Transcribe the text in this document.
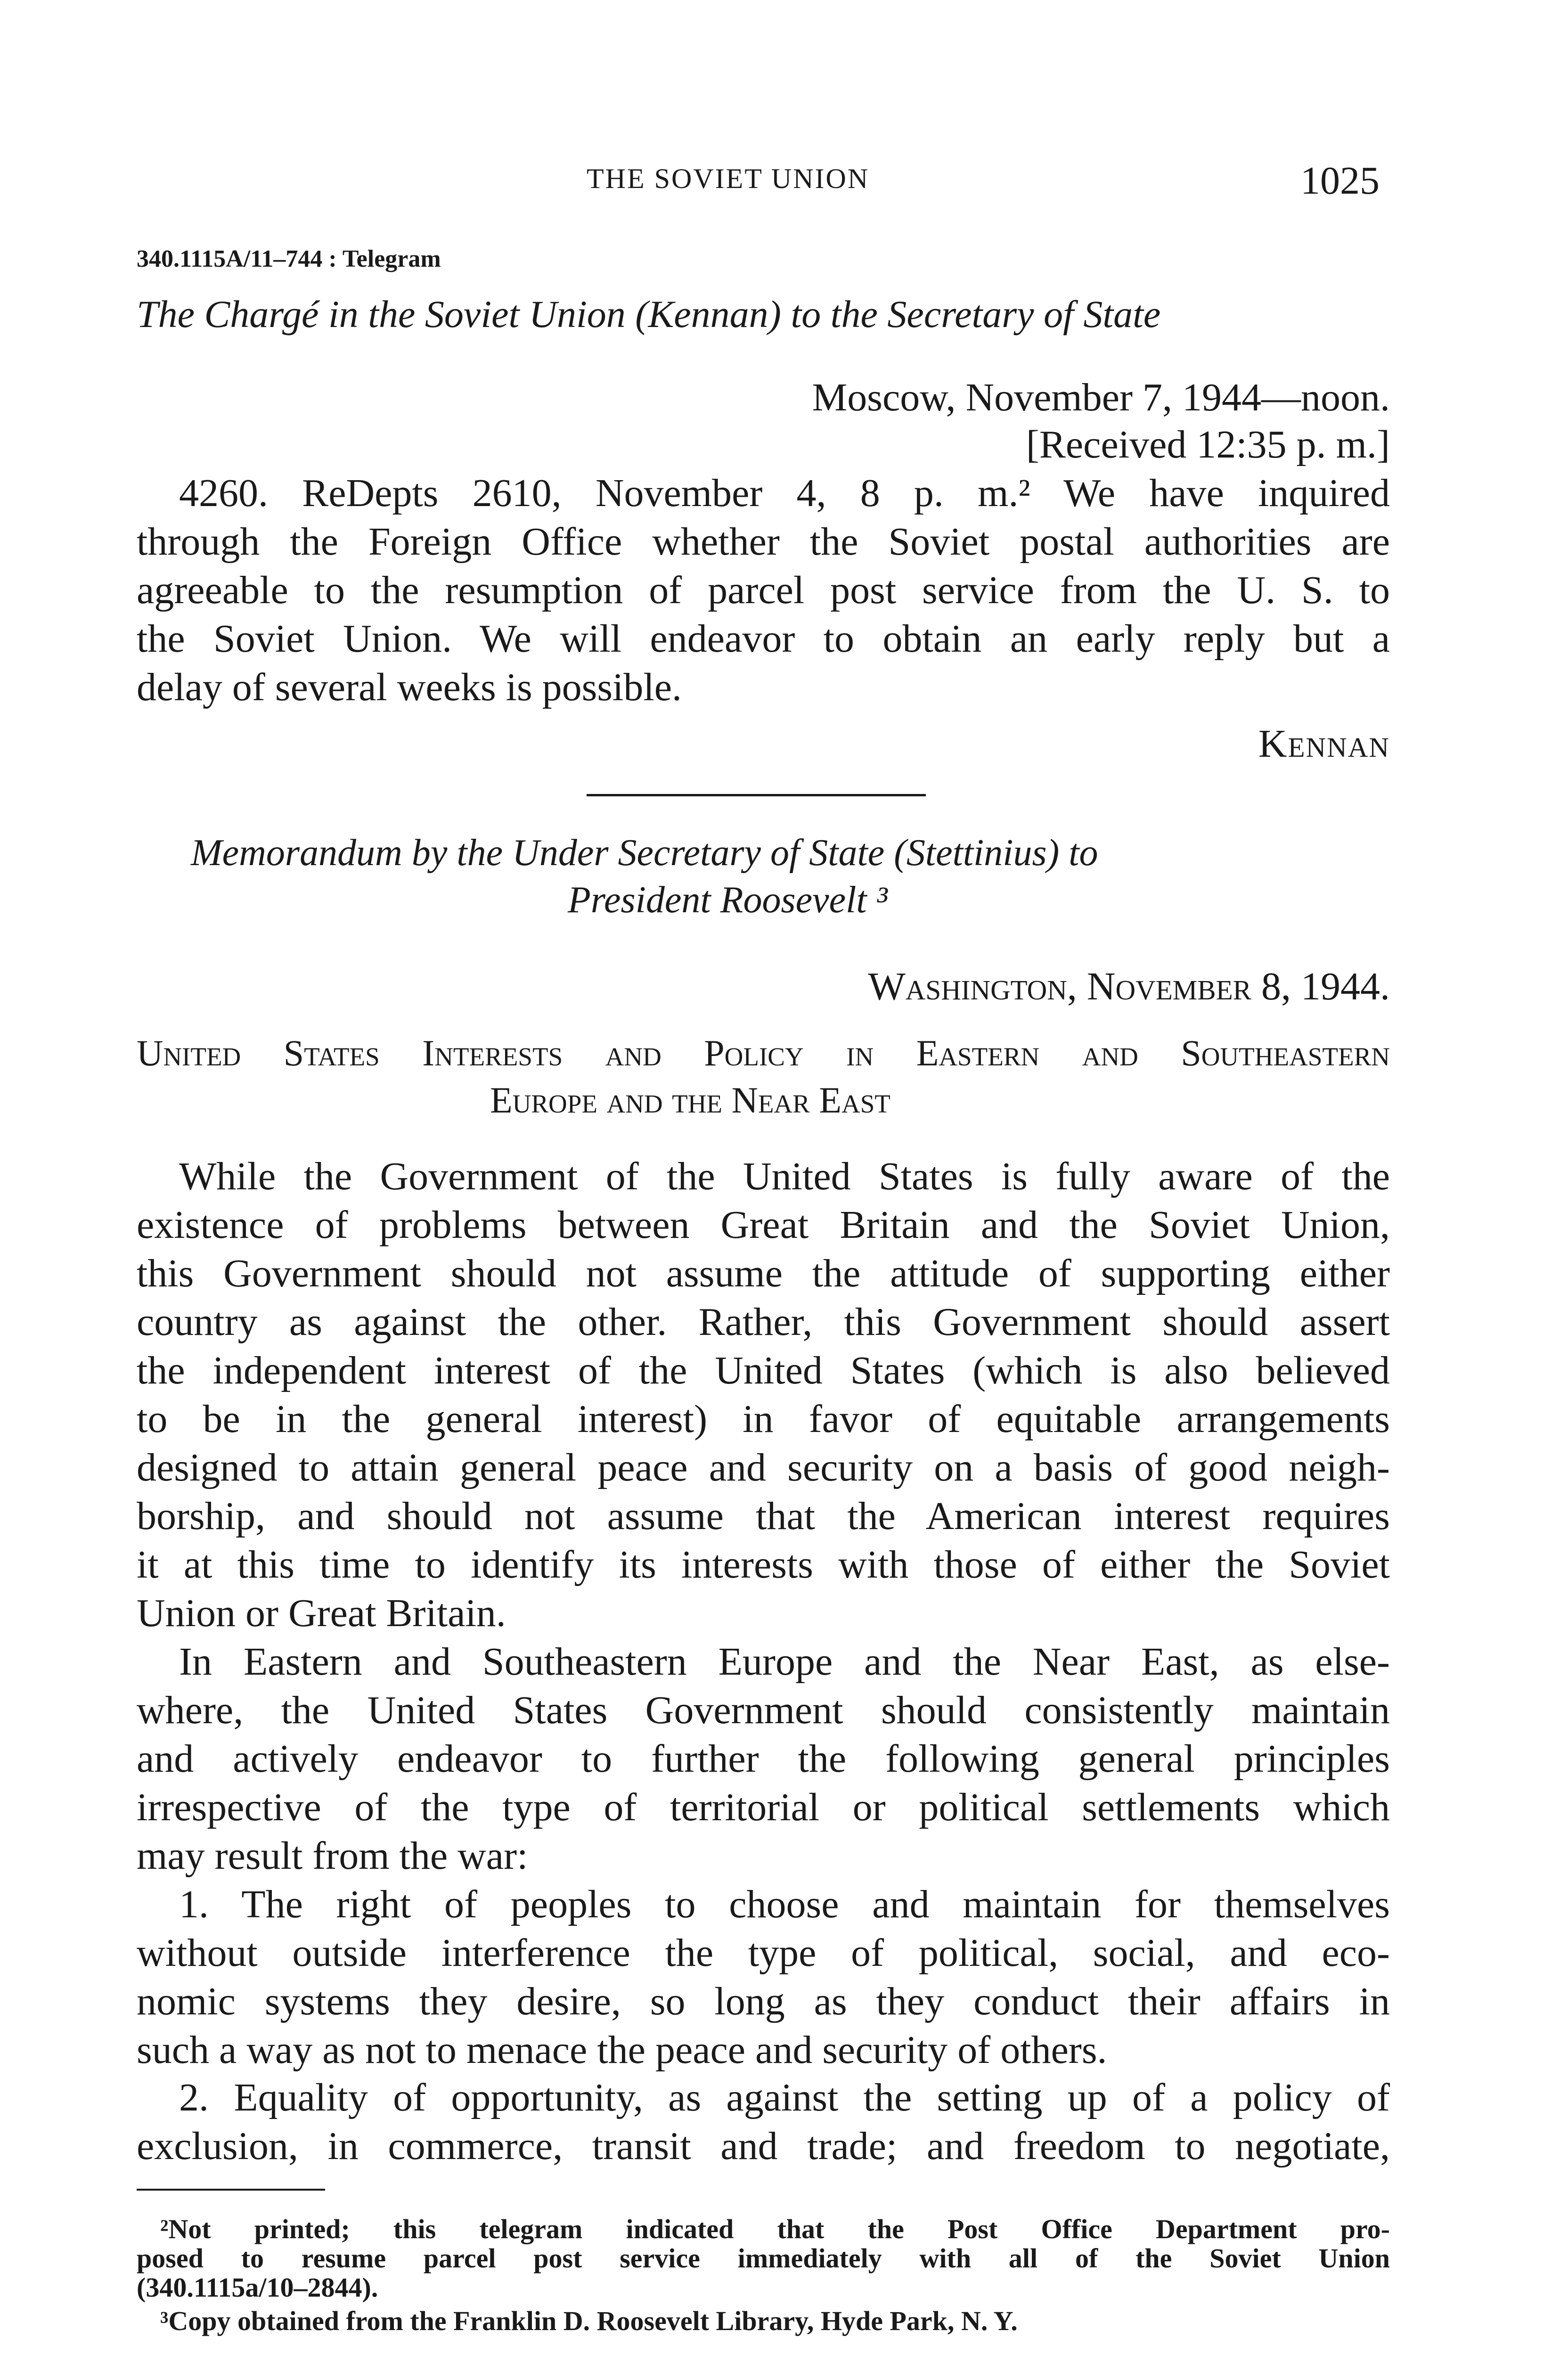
THE SOVIET UNION	1025
340.1115A/11–744 : Telegram
The Chargé in the Soviet Union (Kennan) to the Secretary of State
Moscow, November 7, 1944—noon.
[Received 12:35 p. m.]
4260. ReDepts 2610, November 4, 8 p. m.² We have inquired
through the Foreign Office whether the Soviet postal authorities are
agreeable to the resumption of parcel post service from the U. S. to
the Soviet Union. We will endeavor to obtain an early reply but a
delay of several weeks is possible.
Kennan
Memorandum by the Under Secretary of State (Stettinius) to
President Roosevelt ³
Washington, November 8, 1944.
United States Interests and Policy in Eastern and Southeastern
Europe and the Near East
While the Government of the United States is fully aware of the
existence of problems between Great Britain and the Soviet Union,
this Government should not assume the attitude of supporting either
country as against the other. Rather, this Government should assert
the independent interest of the United States (which is also believed
to be in the general interest) in favor of equitable arrangements
designed to attain general peace and security on a basis of good neigh-
borship, and should not assume that the American interest requires
it at this time to identify its interests with those of either the Soviet
Union or Great Britain.
In Eastern and Southeastern Europe and the Near East, as else-
where, the United States Government should consistently maintain
and actively endeavor to further the following general principles
irrespective of the type of territorial or political settlements which
may result from the war:
1. The right of peoples to choose and maintain for themselves
without outside interference the type of political, social, and eco-
nomic systems they desire, so long as they conduct their affairs in
such a way as not to menace the peace and security of others.
2. Equality of opportunity, as against the setting up of a policy of
exclusion, in commerce, transit and trade; and freedom to negotiate,
²Not printed; this telegram indicated that the Post Office Department pro-
posed to resume parcel post service immediately with all of the Soviet Union
(340.1115a/10–2844).
³Copy obtained from the Franklin D. Roosevelt Library, Hyde Park, N. Y.
